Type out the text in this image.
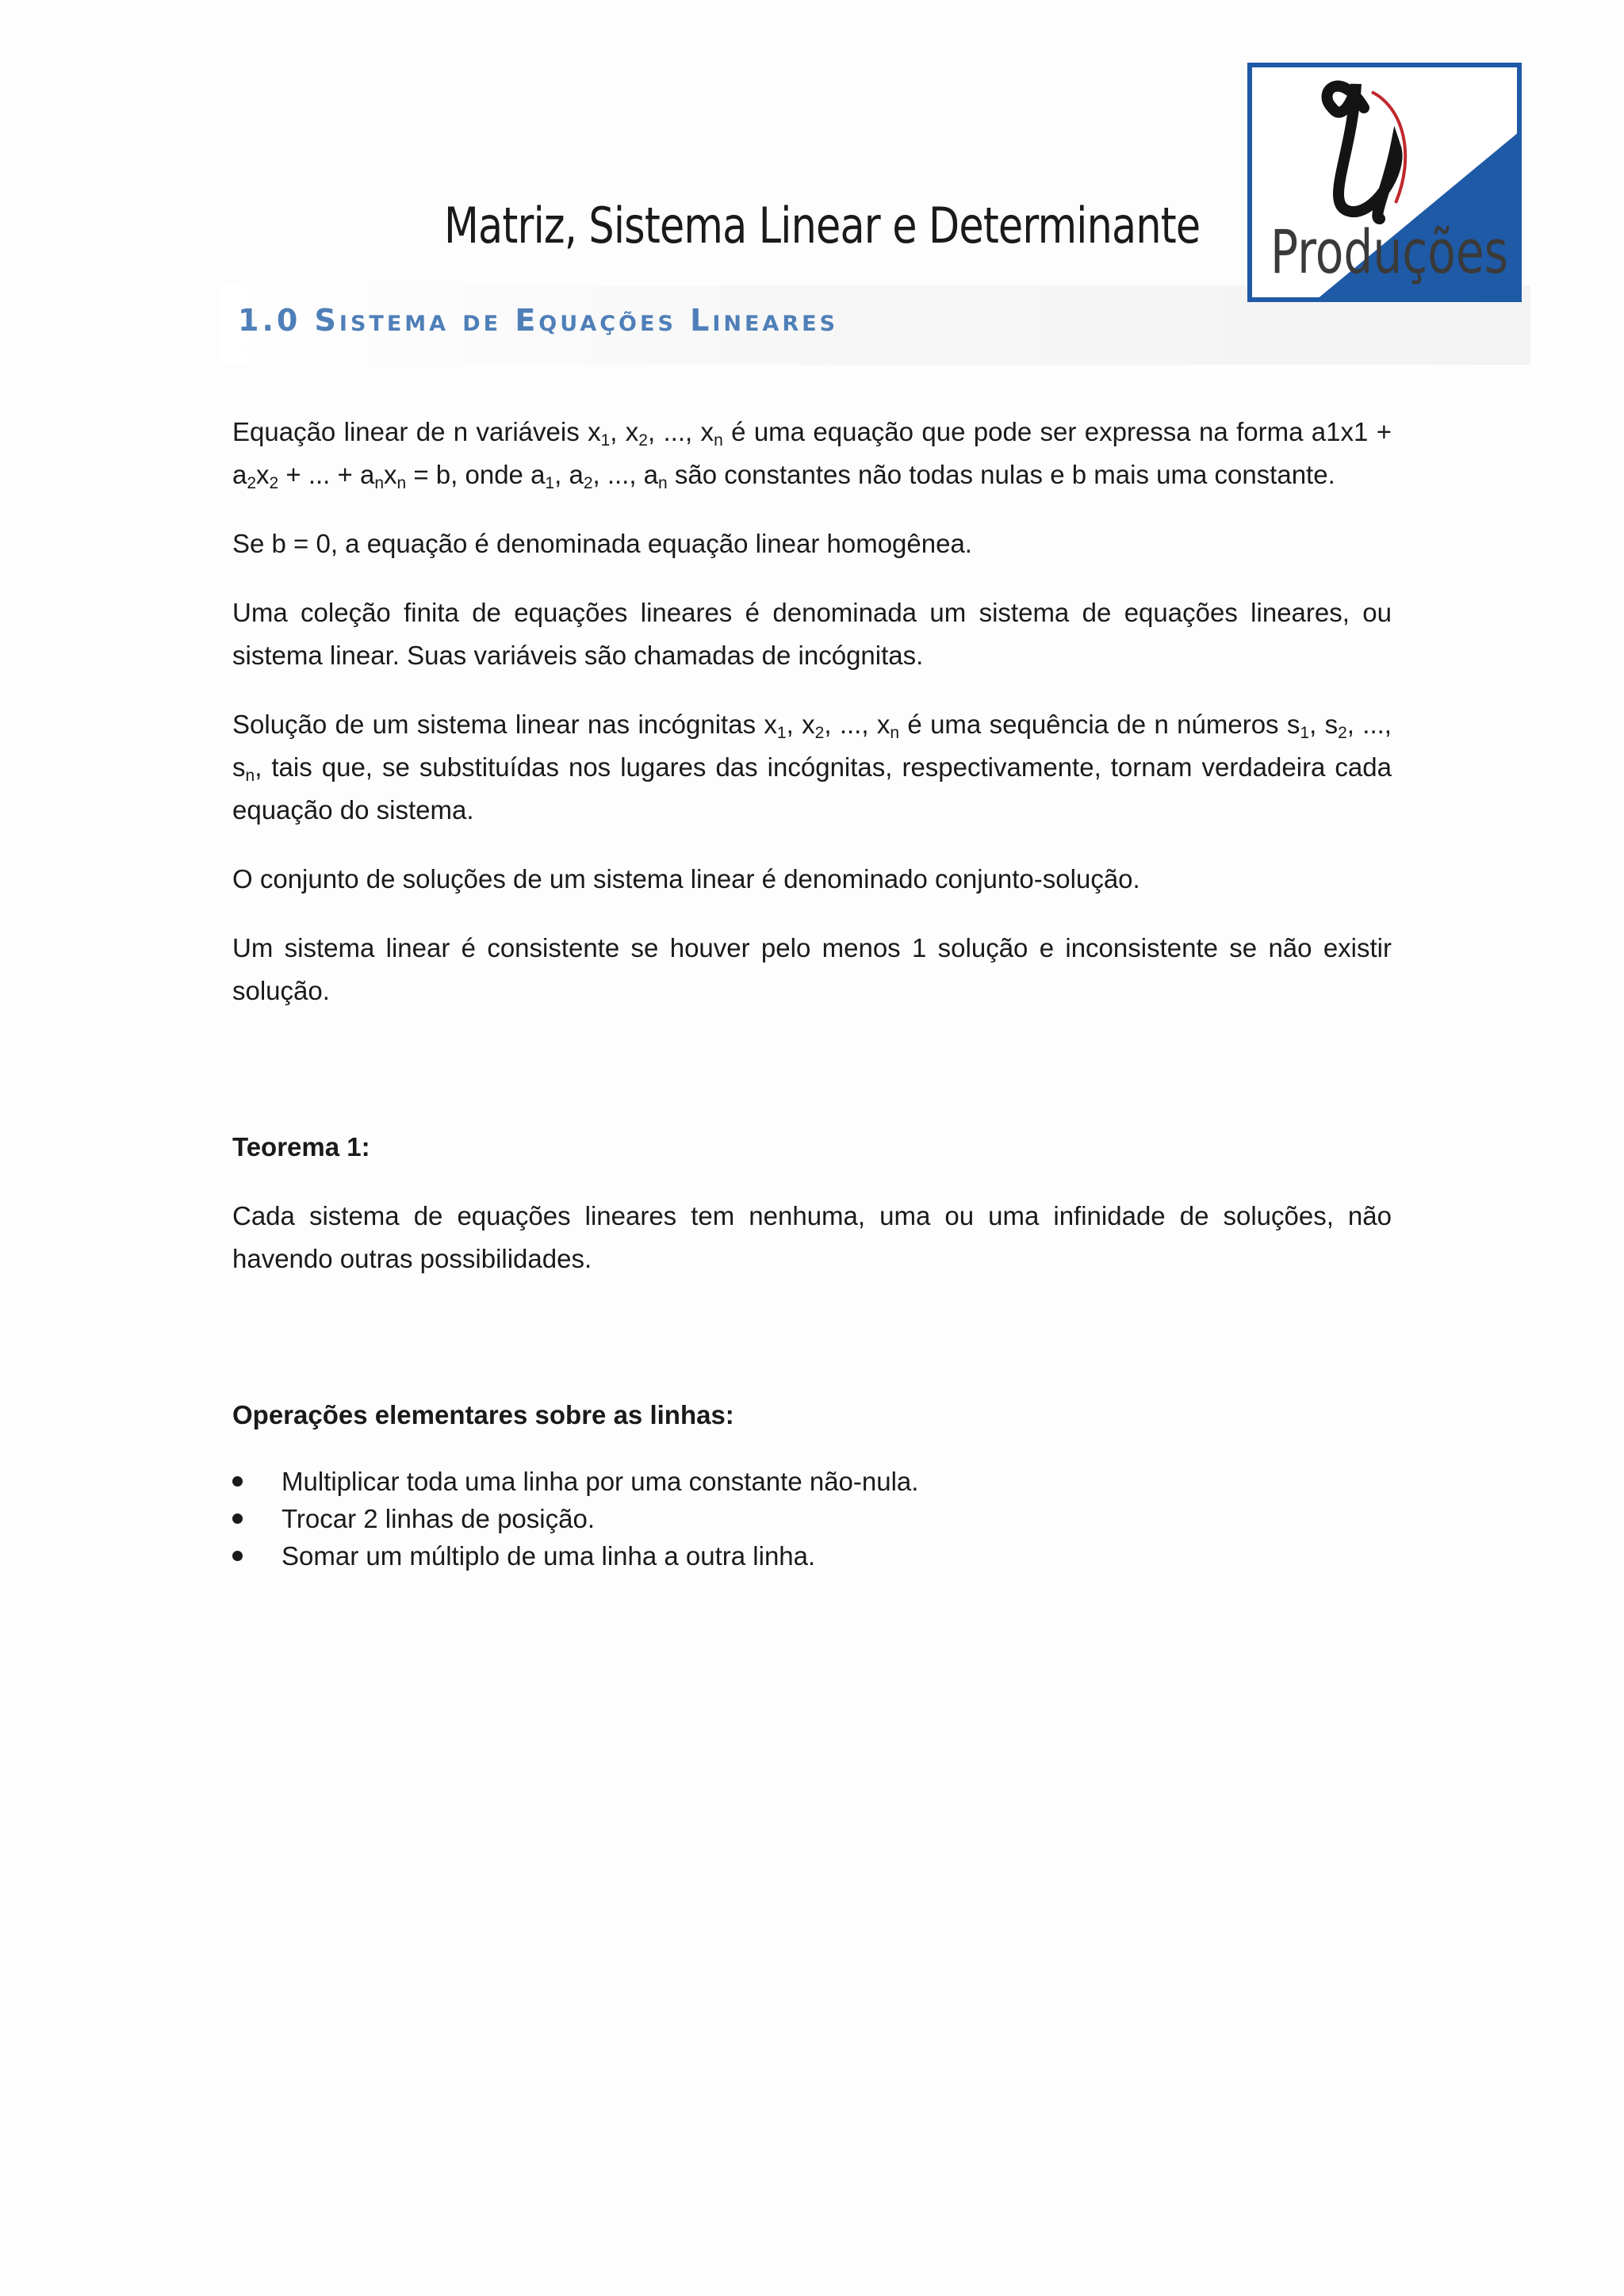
Matriz, Sistema Linear e Determinante
1.0 Sistema de Equações Lineares
Produções

Equação linear de n variáveis $x_1$, $x_2$, ..., $x_n$ é uma equação que pode ser expressa na forma $a1x1 + a_2x_2$ + ... + $a_nx_n = b$, onde $a_1$, $a_2$, ..., $a_n$ são constantes não todas nulas e b mais uma constante.

Se b = 0, a equação é denominada equação linear homogênea.

Uma coleção finita de equações lineares é denominada um sistema de equações lineares, ou sistema linear. Suas variáveis são chamadas de incógnitas.

Solução de um sistema linear nas incógnitas $x_1$, $x_2$, ..., $x_n$ é uma sequência de n números $s_1$, $s_2$, ..., $s_n$, tais que, se substituídas nos lugares das incógnitas, respectivamente, tornam verdadeira cada equação do sistema.

O conjunto de soluções de um sistema linear é denominado conjunto-solução.

Um sistema linear é consistente se houver pelo menos 1 solução e inconsistente se não existir solução.

Teorema 1:

Cada sistema de equações lineares tem nenhuma, uma ou uma infinidade de soluções, não havendo outras possibilidades.

Operações elementares sobre as linhas:

Multiplicar toda uma linha por uma constante não-nula.
Trocar 2 linhas de posição.
Somar um múltiplo de uma linha a outra linha.
